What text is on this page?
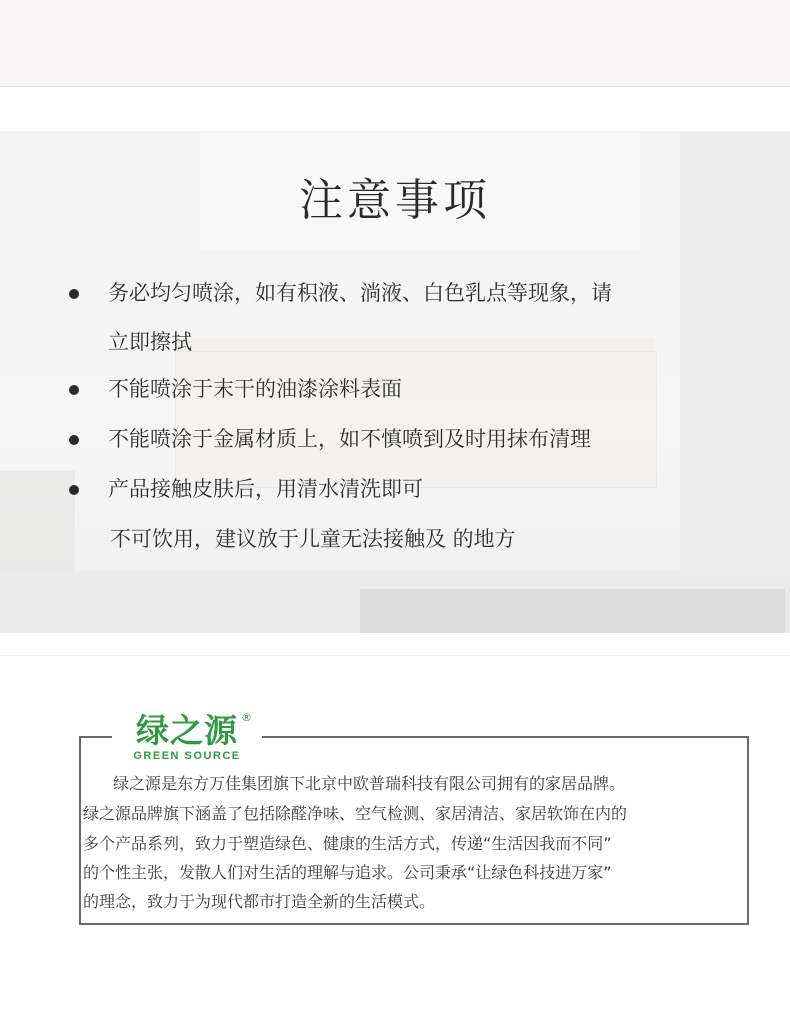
注意事项
务必均匀喷涂，如有积液、淌液、白色乳点等现象，请
立即擦拭
不能喷涂于末干的油漆涂料表面
不能喷涂于金属材质上，如不慎喷到及时用抹布清理
产品接触皮肤后，用清水清洗即可
不可饮用，建议放于儿童无法接触及 的地方
绿之源 ®
GREEN SOURCE
绿之源是东方万佳集团旗下北京中欧普瑞科技有限公司拥有的家居品牌。
绿之源品牌旗下涵盖了包括除醛净味、空气检测、家居清洁、家居软饰在内的
多个产品系列，致力于塑造绿色、健康的生活方式，传递“生活因我而不同”
的个性主张，发散人们对生活的理解与追求。公司秉承“让绿色科技进万家”
的理念，致力于为现代都市打造全新的生活模式。
